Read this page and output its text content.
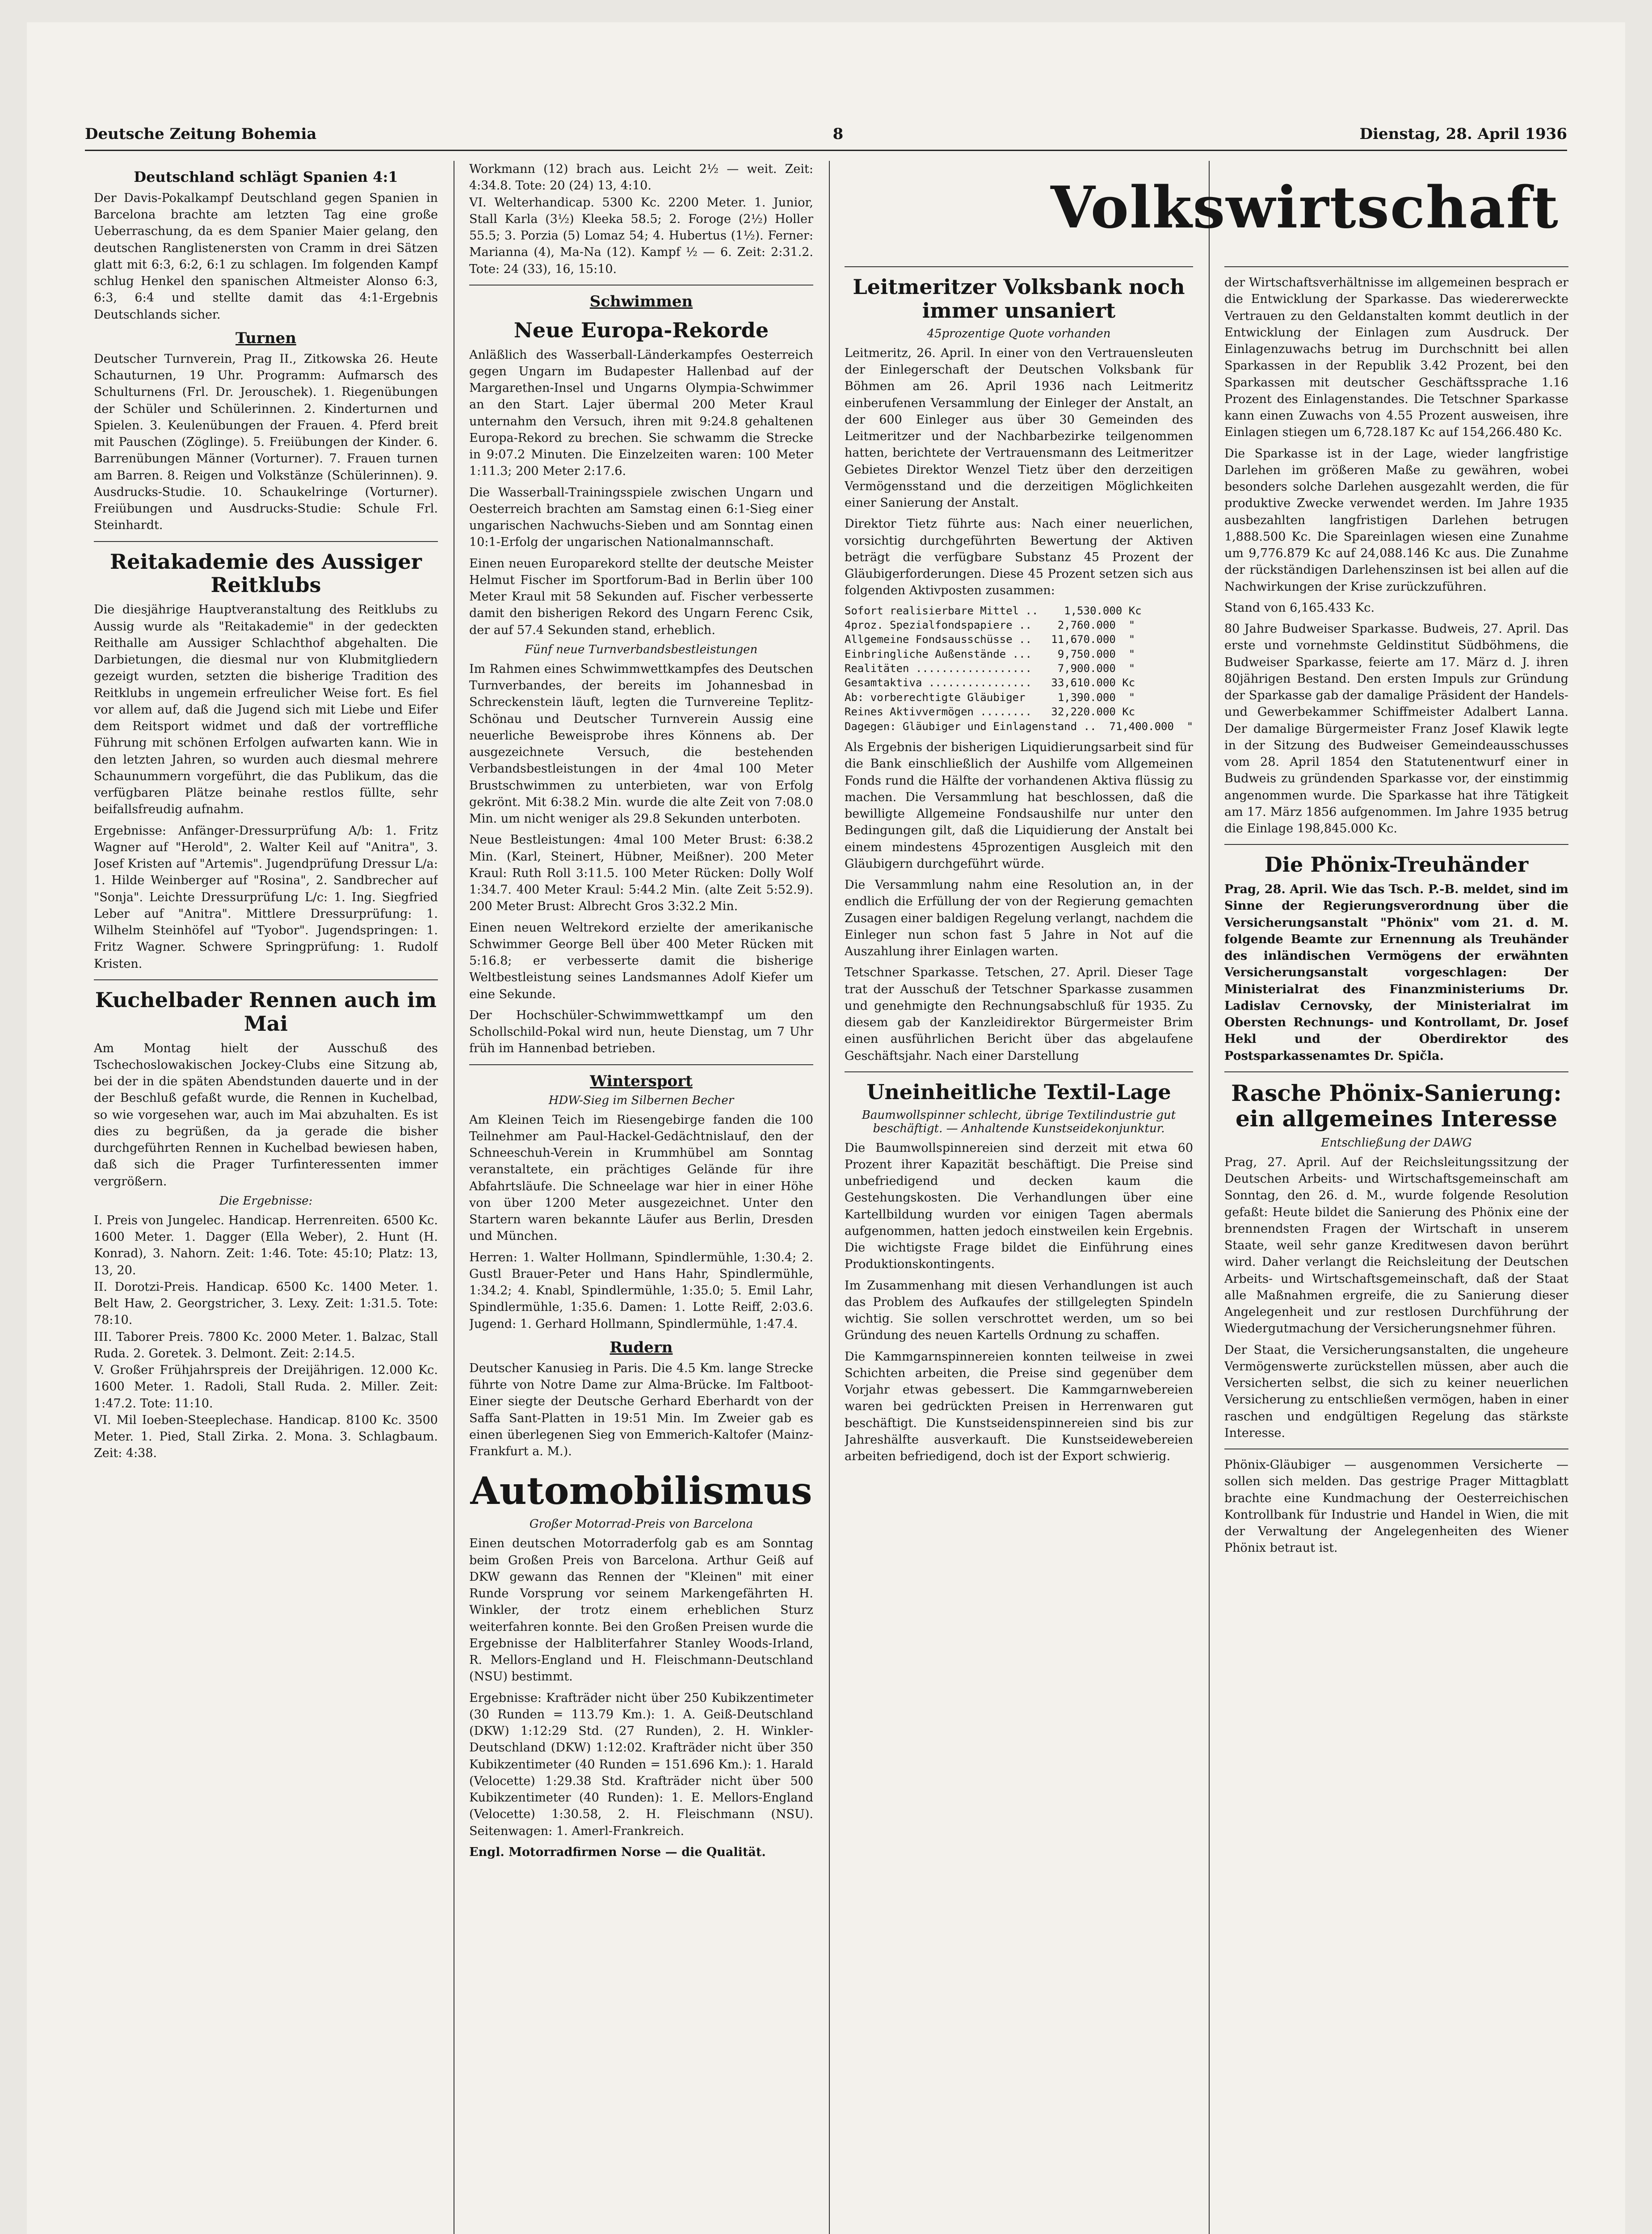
Deutsche Zeitung Bohemia	8	Dienstag, 28. April 1936
Deutschland schlägt Spanien 4:1

Der Davis-Pokalkampf Deutschland gegen Spanien in Barcelona brachte am letzten Tag eine große Ueberraschung, da es dem Spanier Maier gelang, den deutschen Ranglistenersten von Cramm in drei Sätzen glatt mit 6:3, 6:2, 6:1 zu schlagen. Im folgenden Kampf schlug Henkel den spanischen Altmeister Alonso 6:3, 6:3, 6:4 und stellte damit das 4:1-Ergebnis Deutschlands sicher.

Turnen

Deutscher Turnverein, Prag II., Zitkowska 26. Heute Schauturnen, 19 Uhr. Programm: Aufmarsch des Schulturnens (Frl. Dr. Jerouschek). 1. Riegenübungen der Schüler und Schülerinnen. 2. Kinderturnen und Spielen. 3. Keulenübungen der Frauen. 4. Pferd breit mit Pauschen (Zöglinge). 5. Freiübungen der Kinder. 6. Barrenübungen Männer (Vorturner). 7. Frauen turnen am Barren. 8. Reigen und Volkstänze (Schülerinnen). 9. Ausdrucks-Studie. 10. Schaukelringe (Vorturner). Freiübungen und Ausdrucks-Studie: Schule Frl. Steinhardt.

Reitakademie des Aussiger Reitklubs

Die diesjährige Hauptveranstaltung des Reitklubs zu Aussig wurde als "Reitakademie" in der gedeckten Reithalle am Aussiger Schlachthof abgehalten. Die Darbietungen, die diesmal nur von Klubmitgliedern gezeigt wurden, setzten die bisherige Tradition des Reitklubs in ungemein erfreulicher Weise fort. Es fiel vor allem auf, daß die Jugend sich mit Liebe und Eifer dem Reitsport widmet und daß der vortreffliche Führung mit schönen Erfolgen aufwarten kann. Wie in den letzten Jahren, so wurden auch diesmal mehrere Schaunummern vorgeführt, die das Publikum, das die verfügbaren Plätze beinahe restlos füllte, sehr beifallsfreudig aufnahm.

Ergebnisse: Anfänger-Dressurprüfung A/b: 1. Fritz Wagner auf "Herold", 2. Walter Keil auf "Anitra", 3. Josef Kristen auf "Artemis". Jugendprüfung Dressur L/a: 1. Hilde Weinberger auf "Rosina", 2. Sandbrecher auf "Sonja". Leichte Dressurprüfung L/c: 1. Ing. Siegfried Leber auf "Anitra". Mittlere Dressurprüfung: 1. Wilhelm Steinhöfel auf "Tyobor". Jugendspringen: 1. Fritz Wagner. Schwere Springprüfung: 1. Rudolf Kristen.

Kuchelbader Rennen auch im Mai

Am Montag hielt der Ausschuß des Tschechoslowakischen Jockey-Clubs eine Sitzung ab, bei der in die späten Abendstunden dauerte und in der der Beschluß gefaßt wurde, die Rennen in Kuchelbad, so wie vorgesehen war, auch im Mai abzuhalten. Es ist dies zu begrüßen, da ja gerade die bisher durchgeführten Rennen in Kuchelbad bewiesen haben, daß sich die Prager Turfinteressenten immer vergrößern.

Die Ergebnisse:

I. Preis von Jungelec. Handicap. Herrenreiten. 6500 Kc. 1600 Meter. 1. Dagger (Ella Weber), 2. Hunt (H. Konrad), 3. Nahorn. Zeit: 1:46. Tote: 45:10; Platz: 13, 13, 20.
II. Dorotzi-Preis. Handicap. 6500 Kc. 1400 Meter. 1. Belt Haw, 2. Georgstricher, 3. Lexy. Zeit: 1:31.5. Tote: 78:10.
III. Taborer Preis. 7800 Kc. 2000 Meter. 1. Balzac, Stall Ruda. 2. Goretek. 3. Delmont. Zeit: 2:14.5.
V. Großer Frühjahrspreis der Dreijährigen. 12.000 Kc. 1600 Meter. 1. Radoli, Stall Ruda. 2. Miller. Zeit: 1:47.2. Tote: 11:10.
VI. Mil Ioeben-Steeplechase. Handicap. 8100 Kc. 3500 Meter. 1. Pied, Stall Zirka. 2. Mona. 3. Schlagbaum. Zeit: 4:38.

Workmann (12) brach aus. Leicht 2½ — weit. Zeit: 4:34.8. Tote: 20 (24) 13, 4:10.
VI. Welterhandicap. 5300 Kc. 2200 Meter. 1. Junior, Stall Karla (3½) Kleeka 58.5; 2. Foroge (2½) Holler 55.5; 3. Porzia (5) Lomaz 54; 4. Hubertus (1½). Ferner: Marianna (4), Ma-Na (12). Kampf ½ — 6. Zeit: 2:31.2. Tote: 24 (33), 16, 15:10.

Schwimmen
Neue Europa-Rekorde

Anläßlich des Wasserball-Länderkampfes Oesterreich gegen Ungarn im Budapester Hallenbad auf der Margarethen-Insel und Ungarns Olympia-Schwimmer an den Start. Lajer übermal 200 Meter Kraul unternahm den Versuch, ihren mit 9:24.8 gehaltenen Europa-Rekord zu brechen. Sie schwamm die Strecke in 9:07.2 Minuten. Die Einzelzeiten waren: 100 Meter 1:11.3; 200 Meter 2:17.6.

Die Wasserball-Trainingsspiele zwischen Ungarn und Oesterreich brachten am Samstag einen 6:1-Sieg einer ungarischen Nachwuchs-Sieben und am Sonntag einen 10:1-Erfolg der ungarischen Nationalmannschaft.

Einen neuen Europarekord stellte der deutsche Meister Helmut Fischer im Sportforum-Bad in Berlin über 100 Meter Kraul mit 58 Sekunden auf. Fischer verbesserte damit den bisherigen Rekord des Ungarn Ferenc Csik, der auf 57.4 Sekunden stand, erheblich.

Fünf neue Turnverbandsbestleistungen

Im Rahmen eines Schwimmwettkampfes des Deutschen Turnverbandes, der bereits im Johannesbad in Schreckenstein läuft, legten die Turnvereine Teplitz-Schönau und Deutscher Turnverein Aussig eine neuerliche Beweisprobe ihres Könnens ab. Der ausgezeichnete Versuch, die bestehenden Verbandsbestleistungen in der 4mal 100 Meter Brustschwimmen zu unterbieten, war von Erfolg gekrönt. Mit 6:38.2 Min. wurde die alte Zeit von 7:08.0 Min. um nicht weniger als 29.8 Sekunden unterboten.

Neue Bestleistungen: 4mal 100 Meter Brust: 6:38.2 Min. (Karl, Steinert, Hübner, Meißner). 200 Meter Kraul: Ruth Roll 3:11.5. 100 Meter Rücken: Dolly Wolf 1:34.7. 400 Meter Kraul: 5:44.2 Min. (alte Zeit 5:52.9). 200 Meter Brust: Albrecht Gros 3:32.2 Min.

Einen neuen Weltrekord erzielte der amerikanische Schwimmer George Bell über 400 Meter Rücken mit 5:16.8; er verbesserte damit die bisherige Weltbestleistung seines Landsmannes Adolf Kiefer um eine Sekunde.

Der Hochschüler-Schwimmwettkampf um den Schollschild-Pokal wird nun, heute Dienstag, um 7 Uhr früh im Hannenbad betrieben.

Wintersport
HDW-Sieg im Silbernen Becher

Am Kleinen Teich im Riesengebirge fanden die 100 Teilnehmer am Paul-Hackel-Gedächtnislauf, den der Schneeschuh-Verein in Krummhübel am Sonntag veranstaltete, ein prächtiges Gelände für ihre Abfahrtsläufe. Die Schneelage war hier in einer Höhe von über 1200 Meter ausgezeichnet. Unter den Startern waren bekannte Läufer aus Berlin, Dresden und München.

Herren: 1. Walter Hollmann, Spindlermühle, 1:30.4; 2. Gustl Brauer-Peter und Hans Hahr, Spindlermühle, 1:34.2; 4. Knabl, Spindlermühle, 1:35.0; 5. Emil Lahr, Spindlermühle, 1:35.6. Damen: 1. Lotte Reiff, 2:03.6. Jugend: 1. Gerhard Hollmann, Spindlermühle, 1:47.4.

Rudern

Deutscher Kanusieg in Paris. Die 4.5 Km. lange Strecke führte von Notre Dame zur Alma-Brücke. Im Faltboot-Einer siegte der Deutsche Gerhard Eberhardt von der Saffa Sant-Platten in 19:51 Min. Im Zweier gab es einen überlegenen Sieg von Emmerich-Kaltofer (Mainz-Frankfurt a. M.).

Automobilismus
Großer Motorrad-Preis von Barcelona

Einen deutschen Motorraderfolg gab es am Sonntag beim Großen Preis von Barcelona. Arthur Geiß auf DKW gewann das Rennen der "Kleinen" mit einer Runde Vorsprung vor seinem Markengefährten H. Winkler, der trotz einem erheblichen Sturz weiterfahren konnte. Bei den Großen Preisen wurde die Ergebnisse der Halbliterfahrer Stanley Woods-Irland, R. Mellors-England und H. Fleischmann-Deutschland (NSU) bestimmt.

Ergebnisse: Krafträder nicht über 250 Kubikzentimeter (30 Runden = 113.79 Km.): 1. A. Geiß-Deutschland (DKW) 1:12:29 Std. (27 Runden), 2. H. Winkler-Deutschland (DKW) 1:12:02. Krafträder nicht über 350 Kubikzentimeter (40 Runden = 151.696 Km.): 1. Harald (Velocette) 1:29.38 Std. Krafträder nicht über 500 Kubikzentimeter (40 Runden): 1. E. Mellors-England (Velocette) 1:30.58, 2. H. Fleischmann (NSU). Seitenwagen: 1. Amerl-Frankreich.

Engl. Motorradfirmen Norse — die Qualität.

Volkswirtschaft
Leitmeritzer Volksbank noch immer unsaniert
45prozentige Quote vorhanden

Leitmeritz, 26. April. In einer von den Vertrauensleuten der Einlegerschaft der Deutschen Volksbank für Böhmen am 26. April 1936 nach Leitmeritz einberufenen Versammlung der Einleger der Anstalt, an der 600 Einleger aus über 30 Gemeinden des Leitmeritzer und der Nachbarbezirke teilgenommen hatten, berichtete der Vertrauensmann des Leitmeritzer Gebietes Direktor Wenzel Tietz über den derzeitigen Vermögensstand und die derzeitigen Möglichkeiten einer Sanierung der Anstalt.

Direktor Tietz führte aus: Nach einer neuerlichen, vorsichtig durchgeführten Bewertung der Aktiven beträgt die verfügbare Substanz 45 Prozent der Gläubigerforderungen. Diese 45 Prozent setzen sich aus folgenden Aktivposten zusammen:

Sofort realisierbare Mittel ..    1,530.000 Kc
4proz. Spezialfondspapiere ..    2,760.000  "
Allgemeine Fondsausschüsse ..   11,670.000  "
Einbringliche Außenstände ...    9,750.000  "
Realitäten ..................    7,900.000  "
Gesamtaktiva ................   33,610.000 Kc
Ab: vorberechtigte Gläubiger     1,390.000  "
Reines Aktivvermögen ........   32,220.000 Kc
Dagegen: Gläubiger und Einlagenstand ..  71,400.000  "

Als Ergebnis der bisherigen Liquidierungsarbeit sind für die Bank einschließlich der Aushilfe vom Allgemeinen Fonds rund die Hälfte der vorhandenen Aktiva flüssig zu machen. Die Versammlung hat beschlossen, daß die bewilligte Allgemeine Fondsaushilfe nur unter den Bedingungen gilt, daß die Liquidierung der Anstalt bei einem mindestens 45prozentigen Ausgleich mit den Gläubigern durchgeführt würde.

Die Versammlung nahm eine Resolution an, in der endlich die Erfüllung der von der Regierung gemachten Zusagen einer baldigen Regelung verlangt, nachdem die Einleger nun schon fast 5 Jahre in Not auf die Auszahlung ihrer Einlagen warten.

Tetschner Sparkasse. Tetschen, 27. April. Dieser Tage trat der Ausschuß der Tetschner Sparkasse zusammen und genehmigte den Rechnungsabschluß für 1935. Zu diesem gab der Kanzleidirektor Bürgermeister Brim einen ausführlichen Bericht über das abgelaufene Geschäftsjahr. Nach einer Darstellung

Uneinheitliche Textil-Lage
Baumwollspinner schlecht, übrige Textilindustrie gut beschäftigt. — Anhaltende Kunstseidekonjunktur.

Die Baumwollspinnereien sind derzeit mit etwa 60 Prozent ihrer Kapazität beschäftigt. Die Preise sind unbefriedigend und decken kaum die Gestehungskosten. Die Verhandlungen über eine Kartellbildung wurden vor einigen Tagen abermals aufgenommen, hatten jedoch einstweilen kein Ergebnis. Die wichtigste Frage bildet die Einführung eines Produktionskontingents.

Im Zusammenhang mit diesen Verhandlungen ist auch das Problem des Aufkaufes der stillgelegten Spindeln wichtig. Sie sollen verschrottet werden, um so bei Gründung des neuen Kartells Ordnung zu schaffen.

Die Kammgarnspinnereien konnten teilweise in zwei Schichten arbeiten, die Preise sind gegenüber dem Vorjahr etwas gebessert. Die Kammgarnwebereien waren bei gedrückten Preisen in Herrenwaren gut beschäftigt. Die Kunstseidenspinnereien sind bis zur Jahreshälfte ausverkauft. Die Kunstseidewebereien arbeiten befriedigend, doch ist der Export schwierig.

der Wirtschaftsverhältnisse im allgemeinen besprach er die Entwicklung der Sparkasse. Das wiedererweckte Vertrauen zu den Geldanstalten kommt deutlich in der Entwicklung der Einlagen zum Ausdruck. Der Einlagenzuwachs betrug im Durchschnitt bei allen Sparkassen in der Republik 3.42 Prozent, bei den Sparkassen mit deutscher Geschäftssprache 1.16 Prozent des Einlagenstandes. Die Tetschner Sparkasse kann einen Zuwachs von 4.55 Prozent ausweisen, ihre Einlagen stiegen um 6,728.187 Kc auf 154,266.480 Kc.

Die Sparkasse ist in der Lage, wieder langfristige Darlehen im größeren Maße zu gewähren, wobei besonders solche Darlehen ausgezahlt werden, die für produktive Zwecke verwendet werden. Im Jahre 1935 ausbezahlten langfristigen Darlehen betrugen 1,888.500 Kc. Die Spareinlagen wiesen eine Zunahme um 9,776.879 Kc auf 24,088.146 Kc aus. Die Zunahme der rückständigen Darlehenszinsen ist bei allen auf die Nachwirkungen der Krise zurückzuführen.

Stand von 6,165.433 Kc.

80 Jahre Budweiser Sparkasse. Budweis, 27. April. Das erste und vornehmste Geldinstitut Südböhmens, die Budweiser Sparkasse, feierte am 17. März d. J. ihren 80jährigen Bestand. Den ersten Impuls zur Gründung der Sparkasse gab der damalige Präsident der Handels- und Gewerbekammer Schiffmeister Adalbert Lanna. Der damalige Bürgermeister Franz Josef Klawik legte in der Sitzung des Budweiser Gemeindeausschusses vom 28. April 1854 den Statutenentwurf einer in Budweis zu gründenden Sparkasse vor, der einstimmig angenommen wurde. Die Sparkasse hat ihre Tätigkeit am 17. März 1856 aufgenommen. Im Jahre 1935 betrug die Einlage 198,845.000 Kc.

Die Phönix-Treuhänder

Prag, 28. April. Wie das Tsch. P.-B. meldet, sind im Sinne der Regierungsverordnung über die Versicherungsanstalt "Phönix" vom 21. d. M. folgende Beamte zur Ernennung als Treuhänder des inländischen Vermögens der erwähnten Versicherungsanstalt vorgeschlagen: Der Ministerialrat des Finanzministeriums Dr. Ladislav Cernovsky, der Ministerialrat im Obersten Rechnungs- und Kontrollamt, Dr. Josef Hekl und der Oberdirektor des Postsparkassenamtes Dr. Spičla.

Rasche Phönix-Sanierung: ein allgemeines Interesse
Entschließung der DAWG

Prag, 27. April. Auf der Reichsleitungssitzung der Deutschen Arbeits- und Wirtschaftsgemeinschaft am Sonntag, den 26. d. M., wurde folgende Resolution gefaßt: Heute bildet die Sanierung des Phönix eine der brennendsten Fragen der Wirtschaft in unserem Staate, weil sehr ganze Kreditwesen davon berührt wird. Daher verlangt die Reichsleitung der Deutschen Arbeits- und Wirtschaftsgemeinschaft, daß der Staat alle Maßnahmen ergreife, die zu Sanierung dieser Angelegenheit und zur restlosen Durchführung der Wiedergutmachung der Versicherungsnehmer führen.

Der Staat, die Versicherungsanstalten, die ungeheure Vermögenswerte zurückstellen müssen, aber auch die Versicherten selbst, die sich zu keiner neuerlichen Versicherung zu entschließen vermögen, haben in einer raschen und endgültigen Regelung das stärkste Interesse.

Phönix-Gläubiger — ausgenommen Versicherte — sollen sich melden. Das gestrige Prager Mittagblatt brachte eine Kundmachung der Oesterreichischen Kontrollbank für Industrie und Handel in Wien, die mit der Verwaltung der Angelegenheiten des Wiener Phönix betraut ist.
